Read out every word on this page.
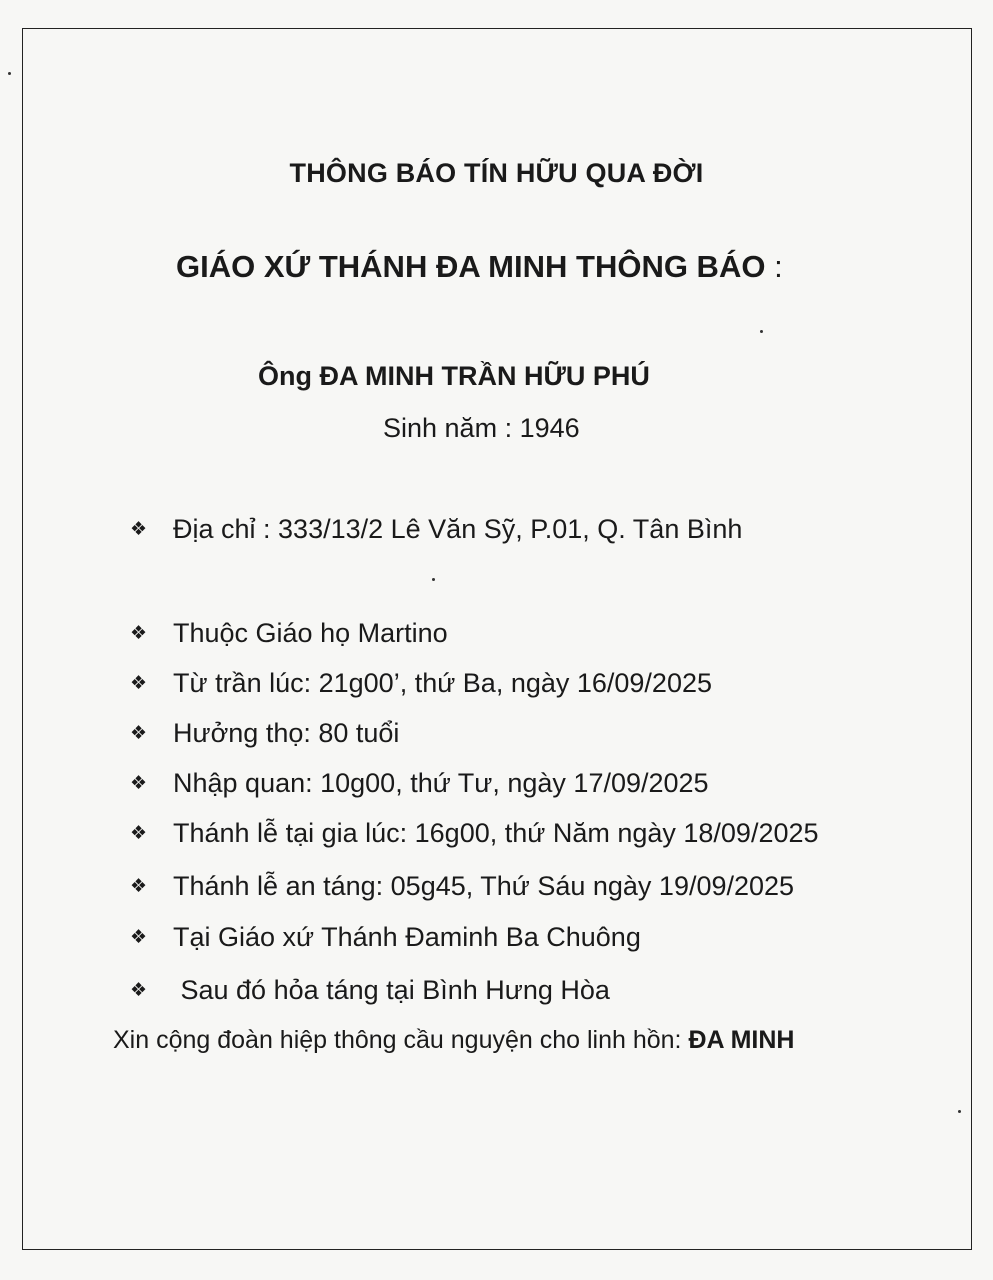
THÔNG BÁO TÍN HỮU QUA ĐỜI
GIÁO XỨ THÁNH ĐA MINH THÔNG BÁO :
Ông ĐA MINH TRẦN HỮU PHÚ
Sinh năm : 1946
❖ Địa chỉ : 333/13/2 Lê Văn Sỹ, P.01, Q. Tân Bình
❖ Thuộc Giáo họ Martino
❖ Từ trần lúc: 21g00’, thứ Ba, ngày 16/09/2025
❖ Hưởng thọ: 80 tuổi
❖ Nhập quan: 10g00, thứ Tư, ngày 17/09/2025
❖ Thánh lễ tại gia lúc: 16g00, thứ Năm ngày 18/09/2025
❖ Thánh lễ an táng: 05g45, Thứ Sáu ngày 19/09/2025
❖ Tại Giáo xứ Thánh Đaminh Ba Chuông
❖ Sau đó hỏa táng tại Bình Hưng Hòa
Xin cộng đoàn hiệp thông cầu nguyện cho linh hồn: ĐA MINH
